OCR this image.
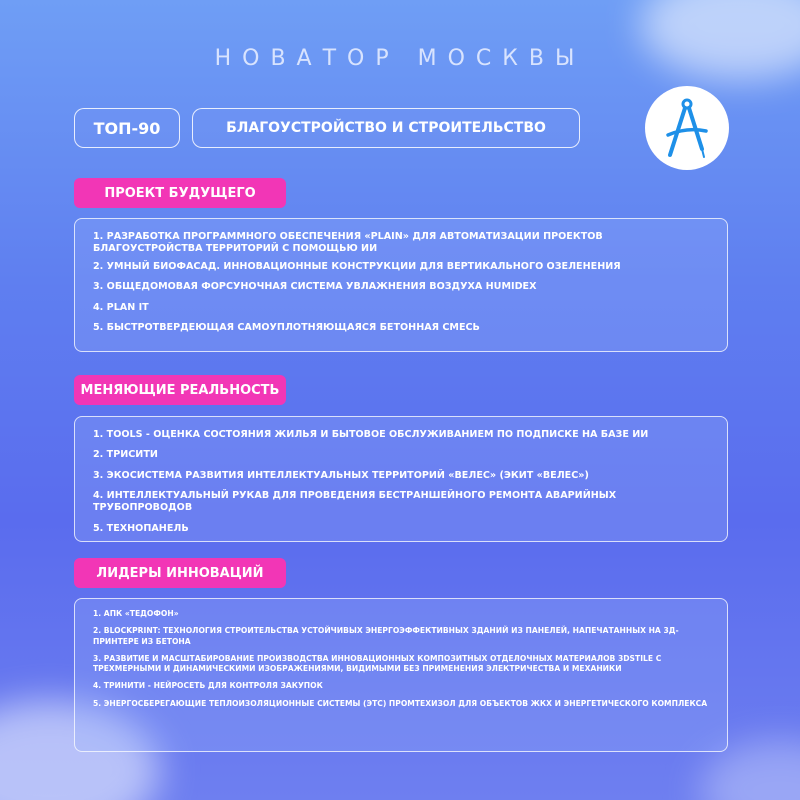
НОВАТОР МОСКВЫ
ТОП-90	БЛАГОУСТРОЙСТВО И СТРОИТЕЛЬСТВО
ПРОЕКТ БУДУЩЕГО
1. РАЗРАБОТКА ПРОГРАММНОГО ОБЕСПЕЧЕНИЯ «PLAIN» ДЛЯ АВТОМАТИЗАЦИИ ПРОЕКТОВ БЛАГОУСТРОЙСТВА ТЕРРИТОРИЙ С ПОМОЩЬЮ ИИ
2. УМНЫЙ БИОФАСАД. ИННОВАЦИОННЫЕ КОНСТРУКЦИИ ДЛЯ ВЕРТИКАЛЬНОГО ОЗЕЛЕНЕНИЯ
3. ОБЩЕДОМОВАЯ ФОРСУНОЧНАЯ СИСТЕМА УВЛАЖНЕНИЯ ВОЗДУХА HUMIDEX
4. PLAN IT
5. БЫСТРОТВЕРДЕЮЩАЯ САМОУПЛОТНЯЮЩАЯСЯ БЕТОННАЯ СМЕСЬ
МЕНЯЮЩИЕ РЕАЛЬНОСТЬ
1. TOOLS - ОЦЕНКА СОСТОЯНИЯ ЖИЛЬЯ И БЫТОВОЕ ОБСЛУЖИВАНИЕМ ПО ПОДПИСКЕ НА БАЗЕ ИИ
2. ТРИСИТИ
3. ЭКОСИСТЕМА РАЗВИТИЯ ИНТЕЛЛЕКТУАЛЬНЫХ ТЕРРИТОРИЙ «ВЕЛЕС» (ЭКИТ «ВЕЛЕС»)
4. ИНТЕЛЛЕКТУАЛЬНЫЙ РУКАВ ДЛЯ ПРОВЕДЕНИЯ БЕСТРАНШЕЙНОГО РЕМОНТА АВАРИЙНЫХ ТРУБОПРОВОДОВ
5. ТЕХНОПАНЕЛЬ
ЛИДЕРЫ ИННОВАЦИЙ
1. АПК «ТЕДОФОН»
2. BLOCKPRINT: ТЕХНОЛОГИЯ СТРОИТЕЛЬСТВА УСТОЙЧИВЫХ ЭНЕРГОЭФФЕКТИВНЫХ ЗДАНИЙ ИЗ ПАНЕЛЕЙ, НАПЕЧАТАННЫХ НА 3Д-ПРИНТЕРЕ ИЗ БЕТОНА
3. РАЗВИТИЕ И МАСШТАБИРОВАНИЕ ПРОИЗВОДСТВА ИННОВАЦИОННЫХ КОМПОЗИТНЫХ ОТДЕЛОЧНЫХ МАТЕРИАЛОВ 3DSTILE С ТРЕХМЕРНЫМИ И ДИНАМИЧЕСКИМИ ИЗОБРАЖЕНИЯМИ, ВИДИМЫМИ БЕЗ ПРИМЕНЕНИЯ ЭЛЕКТРИЧЕСТВА И МЕХАНИКИ
4. ТРИНИТИ - НЕЙРОСЕТЬ ДЛЯ КОНТРОЛЯ ЗАКУПОК
5. ЭНЕРГОСБЕРЕГАЮЩИЕ ТЕПЛОИЗОЛЯЦИОННЫЕ СИСТЕМЫ (ЭТС) ПРОМТЕХИЗОЛ ДЛЯ ОБЪЕКТОВ ЖКХ И ЭНЕРГЕТИЧЕСКОГО КОМПЛЕКСА
